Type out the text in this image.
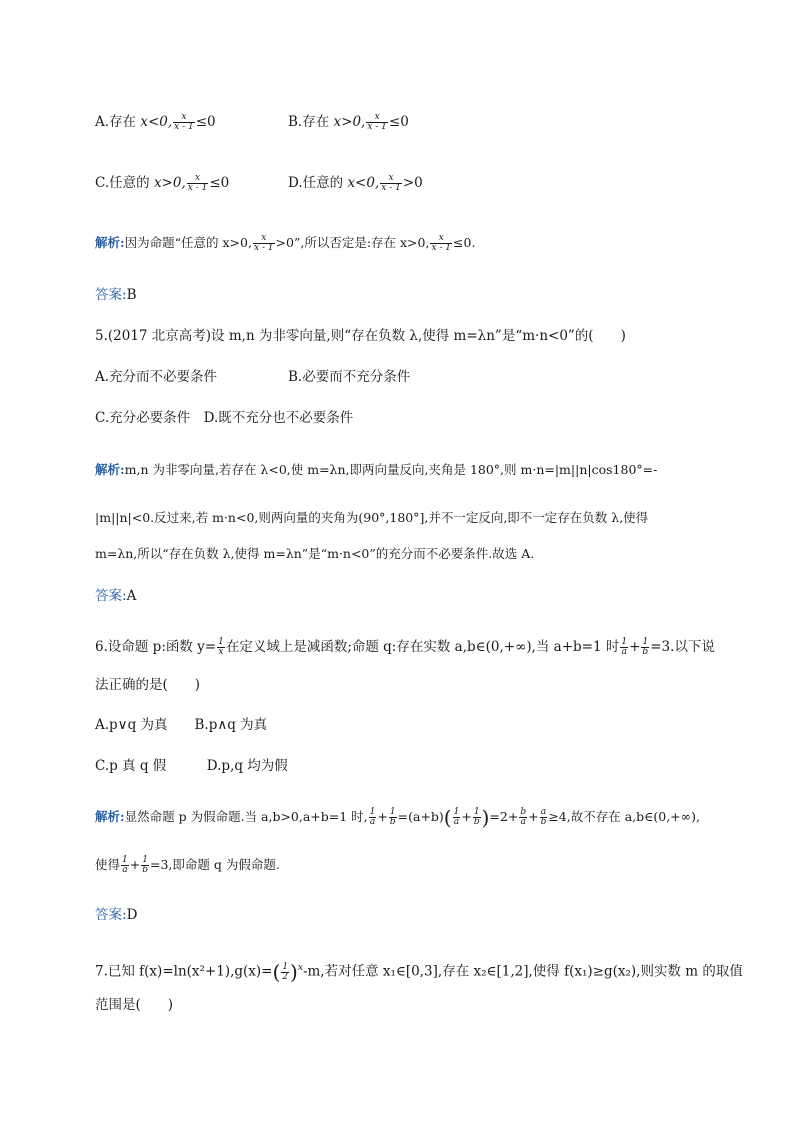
A.存在 x<0, $\frac{x}{x - 1} \le 0$	B.存在 x>0, $\frac{x}{x - 1} \le 0$
C.任意的 x>0, $\frac{x}{x - 1} \le 0$	D.任意的 x<0, $\frac{x}{x - 1} >0$
解析:因为命题“任意的 x>0, $\frac{x}{x - 1} >0$”,所以否定是:存在 x>0, $\frac{x}{x - 1} \le 0$.
答案:B
5.(2017 北京高考)设 m,n 为非零向量,则“存在负数 λ,使得 m=λn”是“m·n<0”的(　　)
A.充分而不必要条件	B.必要而不充分条件
C.充分必要条件　 D.既不充分也不必要条件
解析:m,n 为非零向量,若存在 λ<0,使 m=λn,即两向量反向,夹角是 180°,则 m·n=|m||n|cos180°=-
|m||n|<0.反过来,若 m·n<0,则两向量的夹角为(90°,180°],并不一定反向,即不一定存在负数 λ,使得
m=λn,所以“存在负数 λ,使得 m=λn”是“m·n<0”的充分而不必要条件.故选 A.
答案:A
6.设命题 p:函数 $y= \frac{1}{x}$ 在定义域上是减函数;命题 q:存在实数 a,b∈(0,+∞),当 a+b=1 时 $\frac{1}{a} + \frac{1}{b} =3$.以下说
法正确的是(　　)
A.p∨q 为真　　 B.p∧q 为真
C.p 真 q 假　　　	D.p,q 均为假
解析:显然命题 p 为假命题.当 a,b>0,a+b=1 时, $\frac{1}{a} + \frac{1}{b} =(a+b)( \frac{1}{a} + \frac{1}{b} )=2+ \frac{b}{a} + \frac{a}{b} \ge 4$,故不存在 a,b∈(0,+∞),
使得 $\frac{1}{a} + \frac{1}{b} =3$,即命题 q 为假命题.
答案:D
7.已知 $f(x)=\ln(x^2+1),g(x)=( \frac{1}{2} )^x-m$,若对任意 x₁∈[0,3],存在 x₂∈[1,2],使得 f(x₁)≥g(x₂),则实数 m 的取值
范围是(　　)
